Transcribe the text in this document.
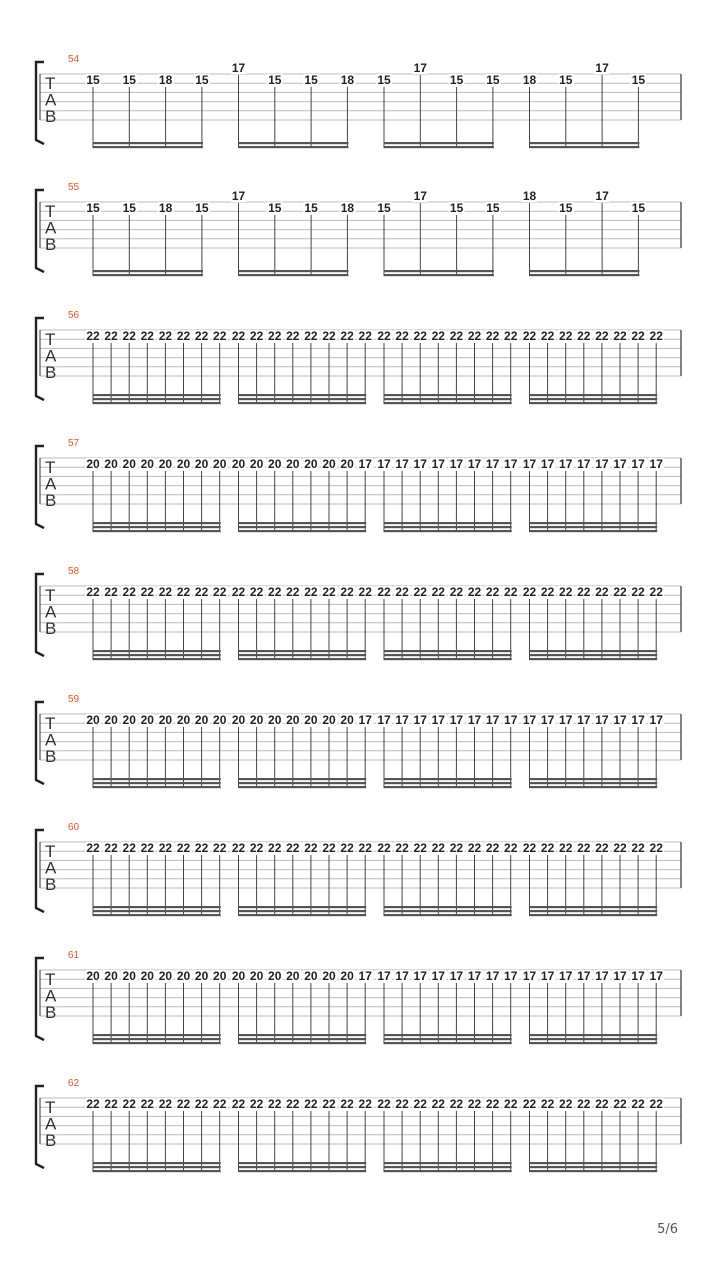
54
T
A
B
15 15 18 15
17
15 15 18 15
17
15 15 18 15
17
15
55
T
A
B
15 15 18 15
17
15 15 18 15
17
15 15
18
15
17
15
56
T
A
B
22 22 22 22 22 22 22 22 22 22 22 22 22 22 22 22 22 22 22 22 22 22 22 22 22 22 22 22 22 22 22 22
57
T
A
B
20 20 20 20 20 20 20 20 20 20 20 20 20 20 20 17 17 17 17 17 17 17 17 17 17 17 17 17 17 17 17 17
58
T
A
B
22 22 22 22 22 22 22 22 22 22 22 22 22 22 22 22 22 22 22 22 22 22 22 22 22 22 22 22 22 22 22 22
59
T
A
B
20 20 20 20 20 20 20 20 20 20 20 20 20 20 20 17 17 17 17 17 17 17 17 17 17 17 17 17 17 17 17 17
60
T
A
B
22 22 22 22 22 22 22 22 22 22 22 22 22 22 22 22 22 22 22 22 22 22 22 22 22 22 22 22 22 22 22 22
61
T
A
B
20 20 20 20 20 20 20 20 20 20 20 20 20 20 20 17 17 17 17 17 17 17 17 17 17 17 17 17 17 17 17 17
62
T
A
B
22 22 22 22 22 22 22 22 22 22 22 22 22 22 22 22 22 22 22 22 22 22 22 22 22 22 22 22 22 22 22 22
5/6
